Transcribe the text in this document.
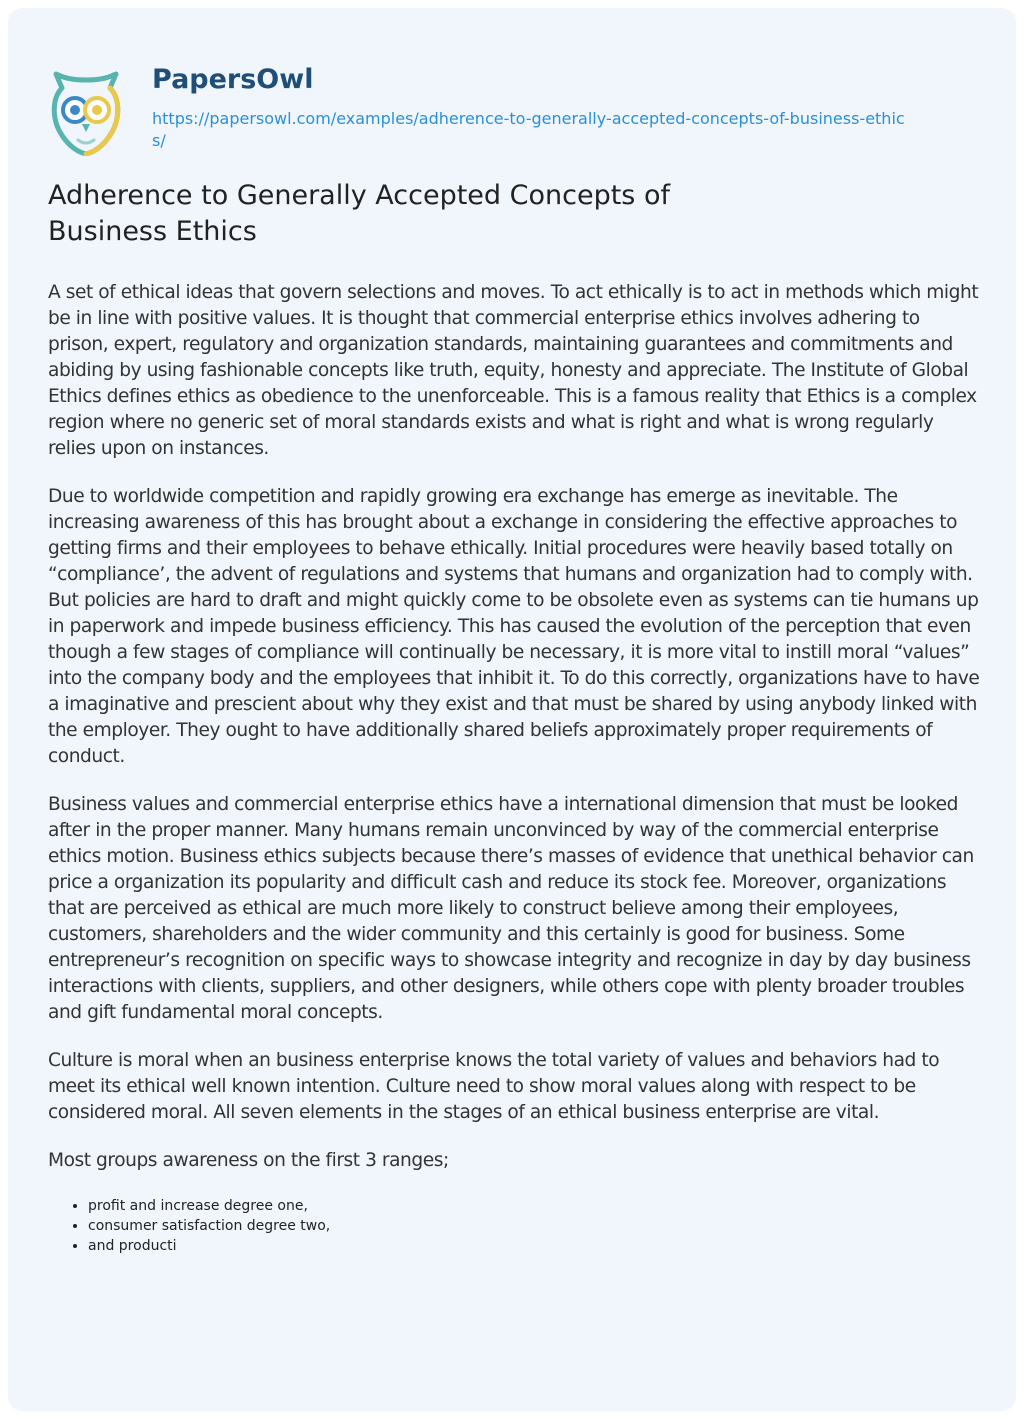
PapersOwl
https://papersowl.com/examples/adherence-to-generally-accepted-concepts-of-business-ethics/
Adherence to Generally Accepted Concepts of Business Ethics

A set of ethical ideas that govern selections and moves. To act ethically is to act in methods which might be in line with positive values. It is thought that commercial enterprise ethics involves adhering to prison, expert, regulatory and organization standards, maintaining guarantees and commitments and abiding by using fashionable concepts like truth, equity, honesty and appreciate. The Institute of Global Ethics defines ethics as obedience to the unenforceable. This is a famous reality that Ethics is a complex region where no generic set of moral standards exists and what is right and what is wrong regularly relies upon on instances.

Due to worldwide competition and rapidly growing era exchange has emerge as inevitable. The increasing awareness of this has brought about a exchange in considering the effective approaches to getting firms and their employees to behave ethically. Initial procedures were heavily based totally on “compliance’, the advent of regulations and systems that humans and organization had to comply with. But policies are hard to draft and might quickly come to be obsolete even as systems can tie humans up in paperwork and impede business efficiency. This has caused the evolution of the perception that even though a few stages of compliance will continually be necessary, it is more vital to instill moral “values” into the company body and the employees that inhibit it. To do this correctly, organizations have to have a imaginative and prescient about why they exist and that must be shared by using anybody linked with the employer. They ought to have additionally shared beliefs approximately proper requirements of conduct.

Business values and commercial enterprise ethics have a international dimension that must be looked after in the proper manner. Many humans remain unconvinced by way of the commercial enterprise ethics motion. Business ethics subjects because there’s masses of evidence that unethical behavior can price a organization its popularity and difficult cash and reduce its stock fee. Moreover, organizations that are perceived as ethical are much more likely to construct believe among their employees, customers, shareholders and the wider community and this certainly is good for business. Some entrepreneur’s recognition on specific ways to showcase integrity and recognize in day by day business interactions with clients, suppliers, and other designers, while others cope with plenty broader troubles and gift fundamental moral concepts.

Culture is moral when an business enterprise knows the total variety of values and behaviors had to meet its ethical well known intention. Culture need to show moral values along with respect to be considered moral. All seven elements in the stages of an ethical business enterprise are vital.

Most groups awareness on the first 3 ranges;

• profit and increase degree one,
• consumer satisfaction degree two,
• and producti
